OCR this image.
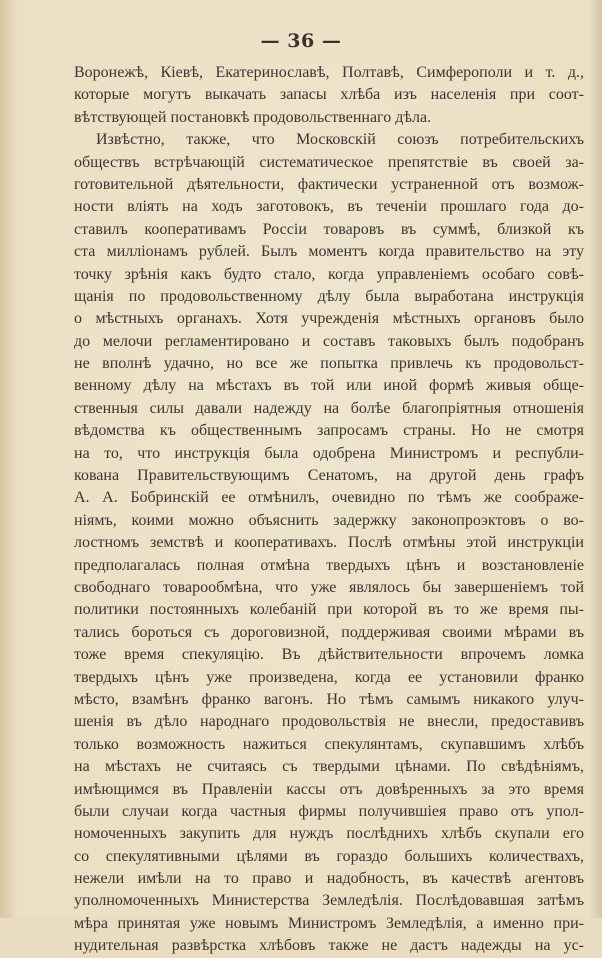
— 36 —
Воронежѣ, Кіевѣ, Екатеринославѣ, Полтавѣ, Симферополи и т. д.,
которые могутъ выкачать запасы хлѣба изъ населенія при соот-
вѣтствующей постановкѣ продовольственнаго дѣла.
Извѣстно, также, что Московскій союзъ потребительскихъ
обществъ встрѣчающій систематическое препятствіе въ своей за-
готовительной дѣятельности, фактически устраненной отъ возмож-
ности вліять на ходъ заготовокъ, въ теченіи прошлаго года до-
ставилъ кооперативамъ Россіи товаровъ въ суммѣ, близкой къ
ста милліонамъ рублей. Былъ моментъ когда правительство на эту
точку зрѣнія какъ будто стало, когда управленіемъ особаго совѣ-
щанія по продовольственному дѣлу была выработана инструкція
о мѣстныхъ органахъ. Хотя учрежденія мѣстныхъ органовъ было
до мелочи регламентировано и составъ таковыхъ былъ подобранъ
не вполнѣ удачно, но все же попытка привлечь къ продовольст-
венному дѣлу на мѣстахъ въ той или иной формѣ живыя обще-
ственныя силы давали надежду на болѣе благопріятныя отношенія
вѣдомства къ общественнымъ запросамъ страны. Но не смотря
на то, что инструкція была одобрена Министромъ и республи-
кована Правительствующимъ Сенатомъ, на другой день графъ
А. А. Бобринскій ее отмѣнилъ, очевидно по тѣмъ же соображе-
ніямъ, коими можно объяснить задержку законопроэктовъ о во-
лостномъ земствѣ и кооперативахъ. Послѣ отмѣны этой инструкціи
предполагалась полная отмѣна твердыхъ цѣнъ и возстановленіе
свободнаго товарообмѣна, что уже являлось бы завершеніемъ той
политики постоянныхъ колебаній при которой въ то же время пы-
тались бороться съ дороговизной, поддерживая своими мѣрами въ
тоже время спекуляцію. Въ дѣйствительности впрочемъ ломка
твердыхъ цѣнъ уже произведена, когда ее установили франко
мѣсто, взамѣнъ франко вагонъ. Но тѣмъ самымъ никакого улуч-
шенія въ дѣло народнаго продовольствія не внесли, предоставивъ
только возможность нажиться спекулянтамъ, скупавшимъ хлѣбъ
на мѣстахъ не считаясь съ твердыми цѣнами. По свѣдѣніямъ,
имѣющимся въ Правленіи кассы отъ довѣренныхъ за это время
были случаи когда частныя фирмы получившіея право отъ упол-
номоченныхъ закупить для нуждъ послѣднихъ хлѣбъ скупали его
со спекулятивными цѣлями въ гораздо большихъ количествахъ,
нежели имѣли на то право и надобность, въ качествѣ агентовъ
уполномоченныхъ Министерства Земледѣлія. Послѣдовавшая затѣмъ
мѣра принятая уже новымъ Министромъ Земледѣлія, а именно при-
нудительная развѣрстка хлѣбовъ также не дастъ надежды на ус-
